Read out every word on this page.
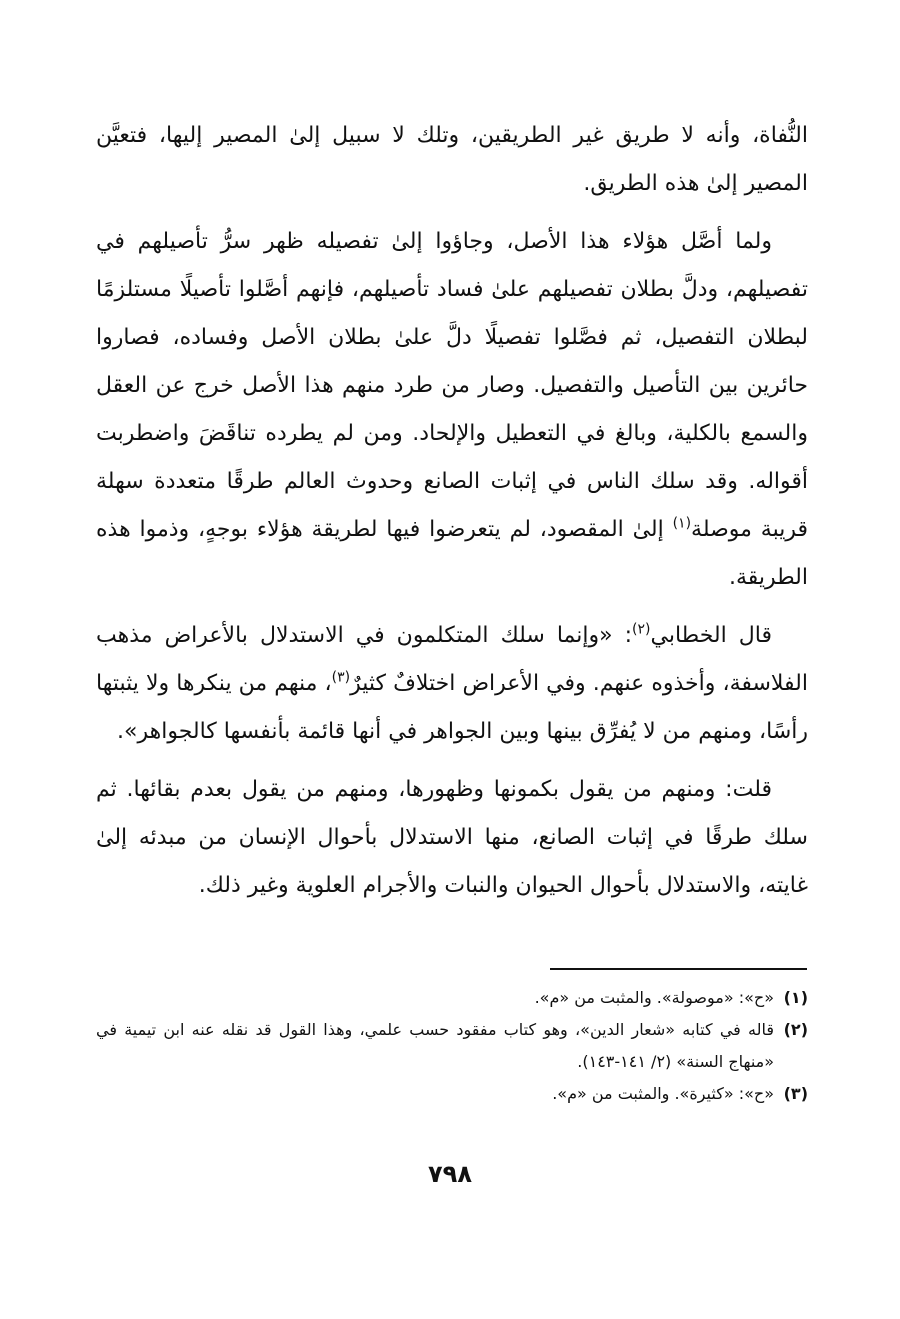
النُّفاة، وأنه لا طريق غير الطريقين، وتلك لا سبيل إلىٰ المصير إليها، فتعيَّن المصير إلىٰ هذه الطريق.

ولما أصَّل هؤلاء هذا الأصل، وجاؤوا إلىٰ تفصيله ظهر سرُّ تأصيلهم في تفصيلهم، ودلَّ بطلان تفصيلهم علىٰ فساد تأصيلهم، فإنهم أصَّلوا تأصيلًا مستلزمًا لبطلان التفصيل، ثم فصَّلوا تفصيلًا دلَّ علىٰ بطلان الأصل وفساده، فصاروا حائرين بين التأصيل والتفصيل. وصار من طرد منهم هذا الأصل خرج عن العقل والسمع بالكلية، وبالغ في التعطيل والإلحاد. ومن لم يطرده تناقَضَ واضطربت أقواله. وقد سلك الناس في إثبات الصانع وحدوث العالم طرقًا متعددة سهلة قريبة موصلة$^{(١)}$ إلىٰ المقصود، لم يتعرضوا فيها لطريقة هؤلاء بوجهٍ، وذموا هذه الطريقة.

قال الخطابي$^{(٢)}$: «وإنما سلك المتكلمون في الاستدلال بالأعراض مذهب الفلاسفة، وأخذوه عنهم. وفي الأعراض اختلافٌ كثيرٌ$^{(٣)}$، منهم من ينكرها ولا يثبتها رأسًا، ومنهم من لا يُفرِّق بينها وبين الجواهر في أنها قائمة بأنفسها كالجواهر».

قلت: ومنهم من يقول بكمونها وظهورها، ومنهم من يقول بعدم بقائها. ثم سلك طرقًا في إثبات الصانع، منها الاستدلال بأحوال الإنسان من مبدئه إلىٰ غايته، والاستدلال بأحوال الحيوان والنبات والأجرام العلوية وغير ذلك.

(١)
«ح»: «موصولة». والمثبت من «م».
(٢)
قاله في كتابه «شعار الدين»، وهو كتاب مفقود حسب علمي، وهذا القول قد نقله عنه ابن تيمية في «منهاج السنة» (٢/ ١٤١-١٤٣).
(٣)
«ح»: «كثيرة». والمثبت من «م».
٧٩٨
